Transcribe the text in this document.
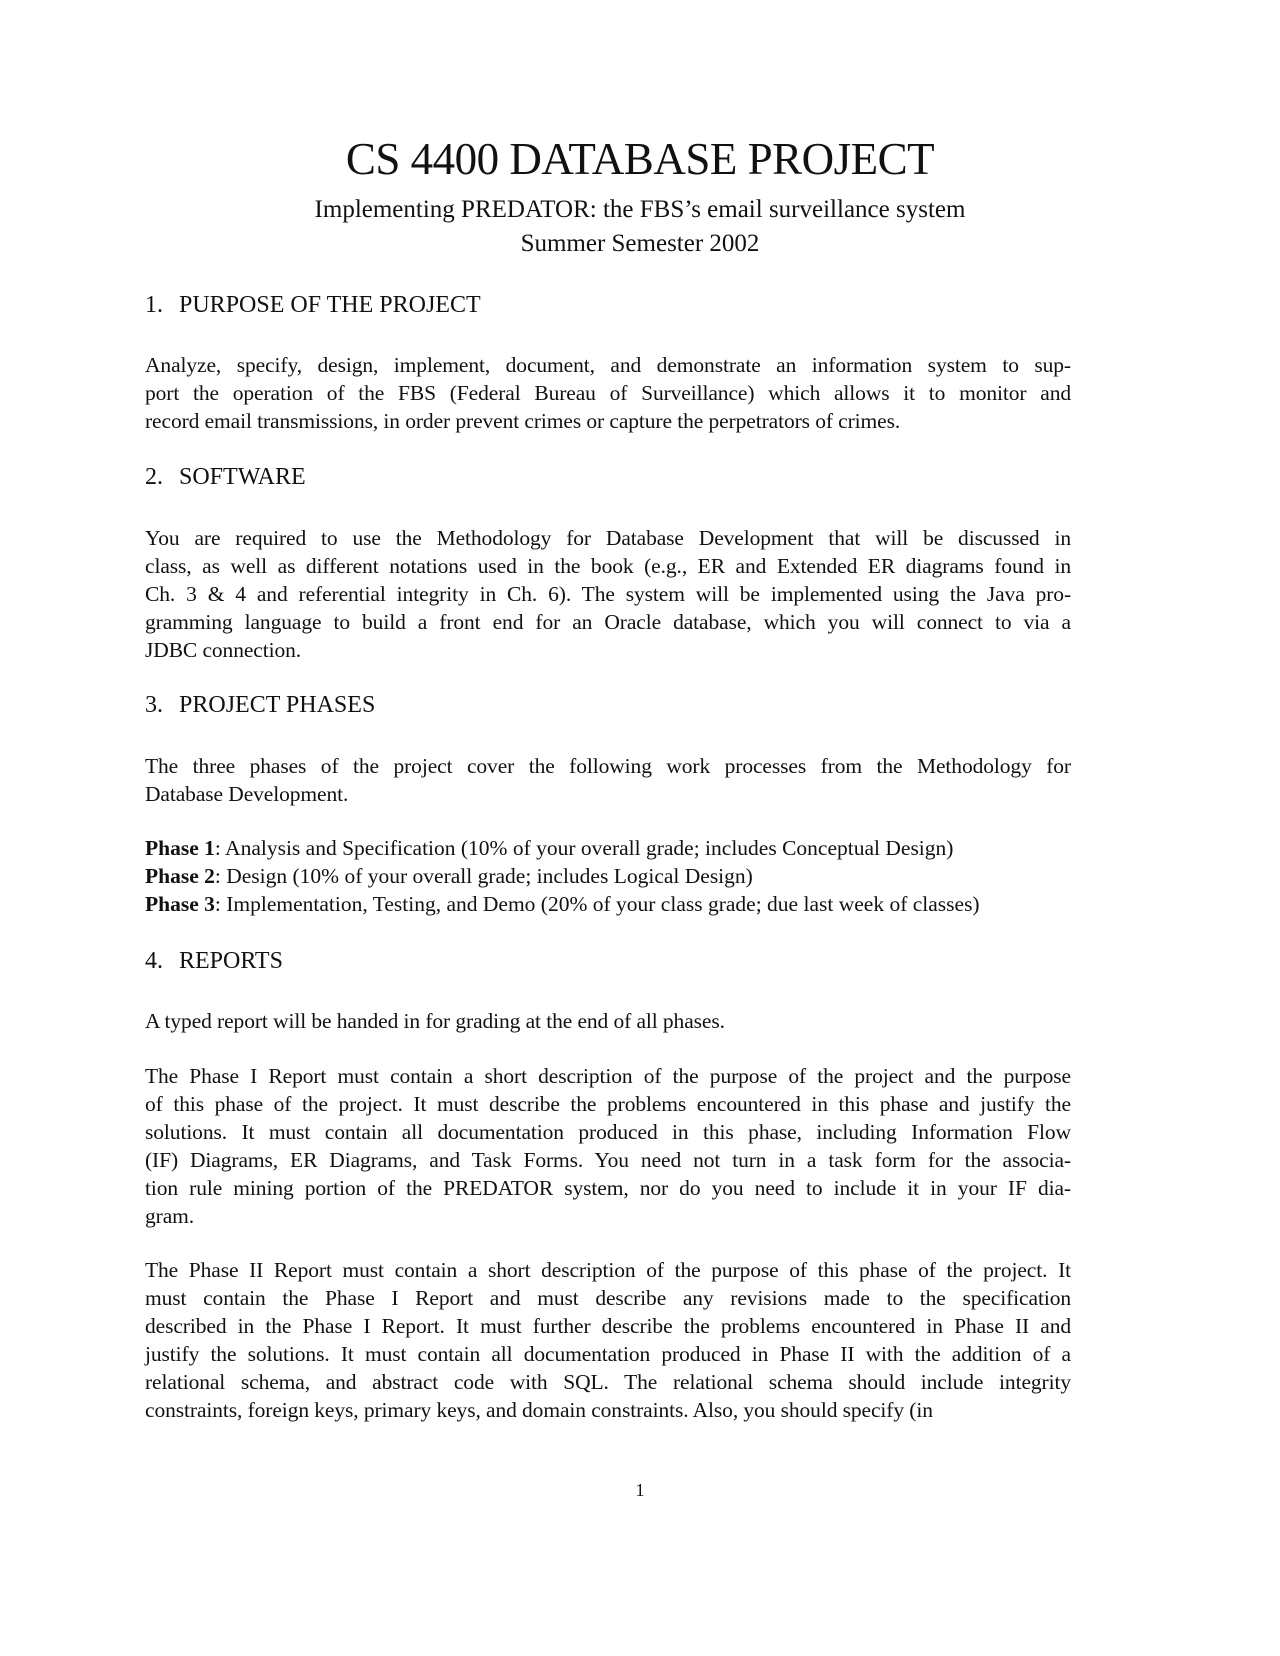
CS 4400 DATABASE PROJECT
Implementing PREDATOR: the FBS’s email surveillance system
Summer Semester 2002
1. PURPOSE OF THE PROJECT
Analyze, specify, design, implement, document, and demonstrate an information system to sup-
port the operation of the FBS (Federal Bureau of Surveillance) which allows it to monitor and
record email transmissions, in order prevent crimes or capture the perpetrators of crimes.
2. SOFTWARE
You are required to use the Methodology for Database Development that will be discussed in
class, as well as different notations used in the book (e.g., ER and Extended ER diagrams found in
Ch. 3 & 4 and referential integrity in Ch. 6). The system will be implemented using the Java pro-
gramming language to build a front end for an Oracle database, which you will connect to via a
JDBC connection.
3. PROJECT PHASES
The three phases of the project cover the following work processes from the Methodology for
Database Development.
Phase 1: Analysis and Specification (10% of your overall grade; includes Conceptual Design)
Phase 2: Design (10% of your overall grade; includes Logical Design)
Phase 3: Implementation, Testing, and Demo (20% of your class grade; due last week of classes)
4. REPORTS
A typed report will be handed in for grading at the end of all phases.
The Phase I Report must contain a short description of the purpose of the project and the purpose
of this phase of the project. It must describe the problems encountered in this phase and justify the
solutions. It must contain all documentation produced in this phase, including Information Flow
(IF) Diagrams, ER Diagrams, and Task Forms. You need not turn in a task form for the associa-
tion rule mining portion of the PREDATOR system, nor do you need to include it in your IF dia-
gram.
The Phase II Report must contain a short description of the purpose of this phase of the project. It
must contain the Phase I Report and must describe any revisions made to the specification
described in the Phase I Report. It must further describe the problems encountered in Phase II and
justify the solutions. It must contain all documentation produced in Phase II with the addition of a
relational schema, and abstract code with SQL. The relational schema should include integrity
constraints, foreign keys, primary keys, and domain constraints. Also, you should specify (in
1
